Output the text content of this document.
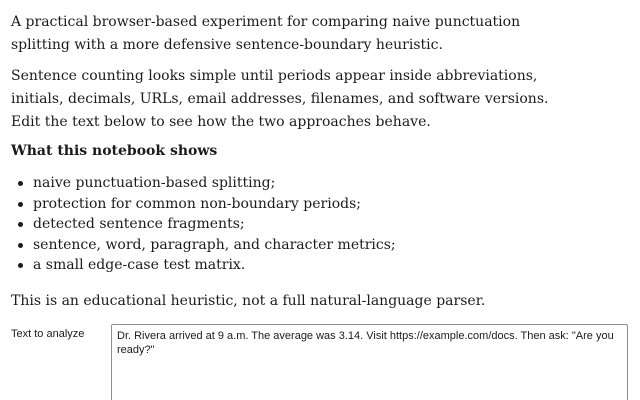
A practical browser-based experiment for comparing naive punctuation splitting with a more defensive sentence-boundary heuristic.

Sentence counting looks simple until periods appear inside abbreviations, initials, decimals, URLs, email addresses, filenames, and software versions. Edit the text below to see how the two approaches behave.

What this notebook shows
naive punctuation-based splitting;
protection for common non-boundary periods;
detected sentence fragments;
sentence, word, paragraph, and character metrics;
a small edge-case test matrix.

This is an educational heuristic, not a full natural-language parser.

Text to analyze
Dr. Rivera arrived at 9 a.m. The average was 3.14. Visit https://example.com/docs. Then ask: "Are you ready?"
